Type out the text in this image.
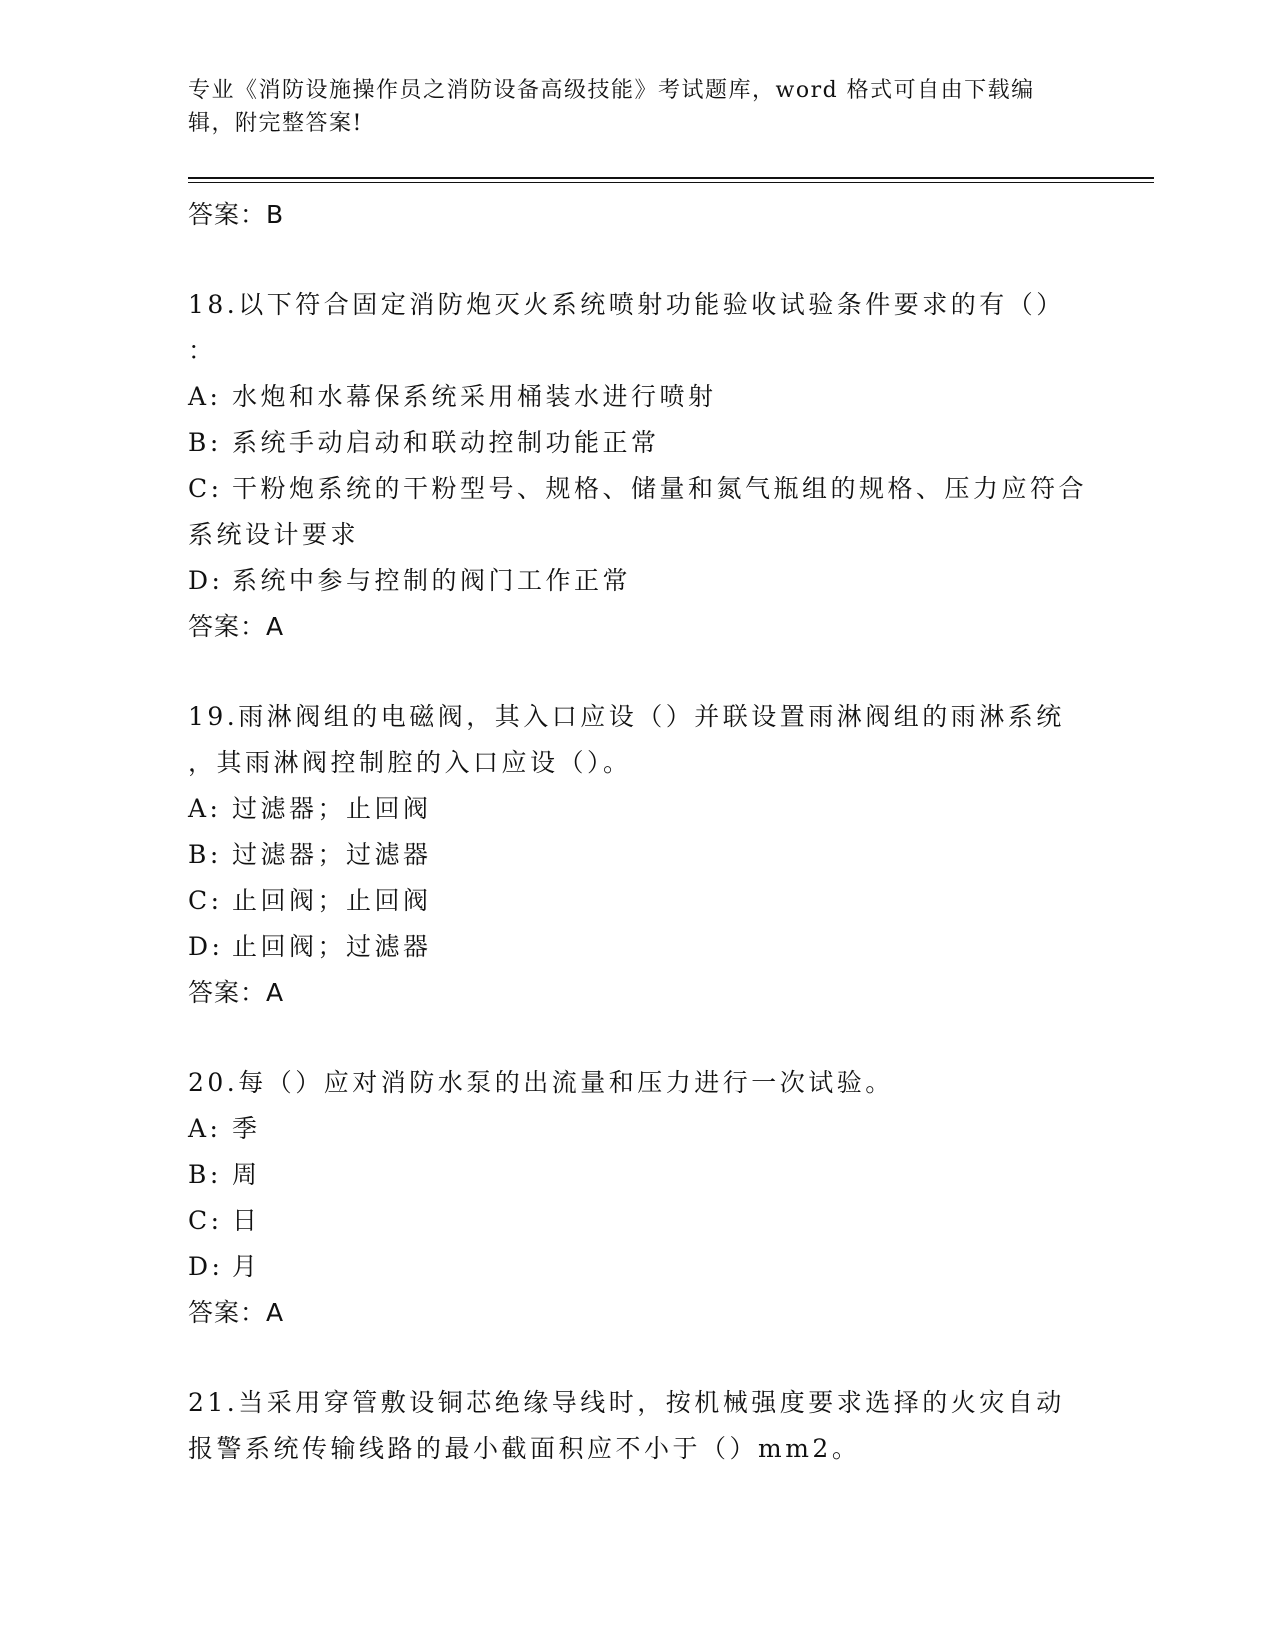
专业《消防设施操作员之消防设备高级技能》考试题库，word 格式可自由下载编
辑，附完整答案!
答案：B
18.以下符合固定消防炮灭火系统喷射功能验收试验条件要求的有（）
：
A: 水炮和水幕保系统采用桶装水进行喷射
B: 系统手动启动和联动控制功能正常
C: 干粉炮系统的干粉型号、规格、储量和氮气瓶组的规格、压力应符合系统设计要求
D: 系统中参与控制的阀门工作正常
答案：A
19.雨淋阀组的电磁阀，其入口应设（）并联设置雨淋阀组的雨淋系统
，其雨淋阀控制腔的入口应设（）。
A: 过滤器；止回阀
B: 过滤器；过滤器
C: 止回阀；止回阀
D: 止回阀；过滤器
答案：A
20.每（）应对消防水泵的出流量和压力进行一次试验。
A: 季
B: 周
C: 日
D: 月
答案：A
21.当采用穿管敷设铜芯绝缘导线时，按机械强度要求选择的火灾自动
报警系统传输线路的最小截面积应不小于（）mm2。
